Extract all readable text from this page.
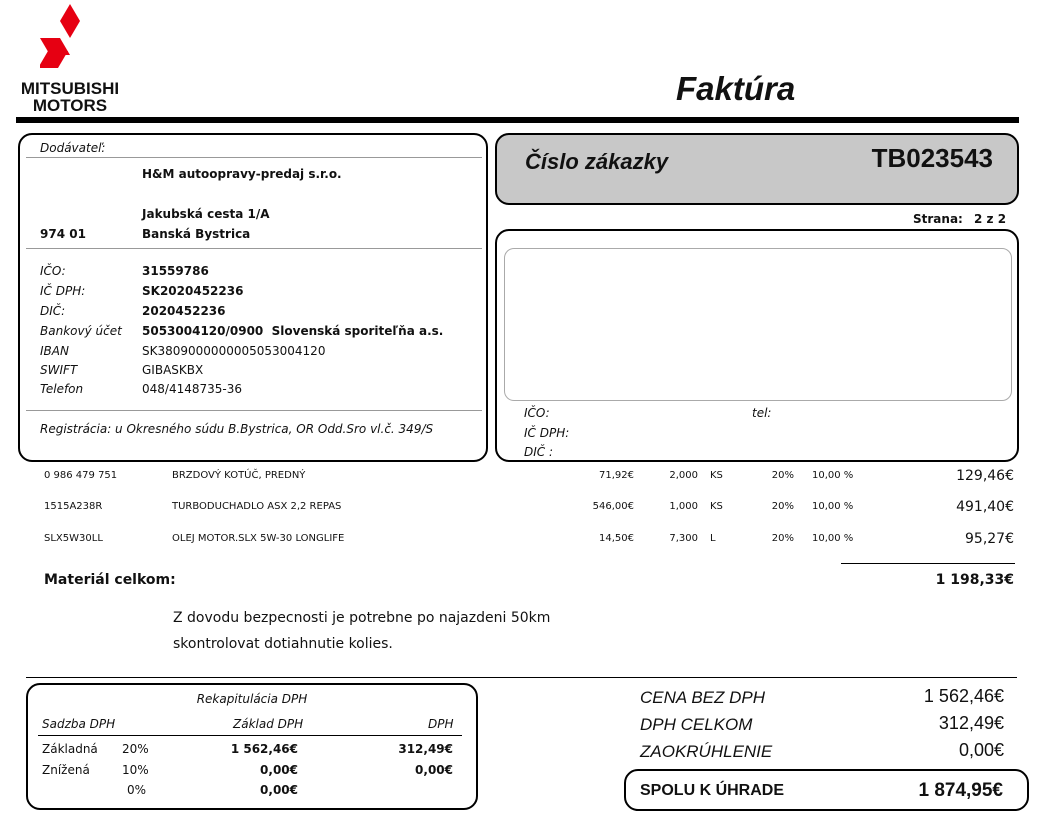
MITSUBISHI
MOTORS	Faktúra
Dodávateľ:
H&M autoopravy-predaj s.r.o.
Jakubská cesta 1/A
974 01	Banská Bystrica
IČO:	31559786
IČ DPH:	SK2020452236
DIČ:	2020452236
Bankový účet 5053004120/0900  Slovenská sporiteľňa a.s.
IBAN	SK3809000000005053004120
SWIFT	GIBASKBX
Telefon	048/4148735-36
Registrácia: u Okresného súdu B.Bystrica, OR Odd.Sro vl.č. 349/S
Číslo zákazky	TB023543
Strana: 2 z 2
IČO:	tel:
IČ DPH:
DIČ :
0 986 479 751	BRZDOVÝ KOTÚČ, PREDNÝ	71,92€	2,000 KS	20% 10,00 %	129,46€
1515A238R	TURBODUCHADLO ASX 2,2 REPAS	546,00€	1,000 KS	20% 10,00 %	491,40€
SLX5W30LL	OLEJ MOTOR.SLX 5W-30 LONGLIFE	14,50€	7,300 L	20% 10,00 %	95,27€
Materiál celkom:	1 198,33€
Z dovodu bezpecnosti je potrebne po najazdeni 50km
skontrolovat dotiahnutie kolies.
Rekapitulácia DPH
Sadzba DPH	Základ DPH	DPH
Základná 20%	1 562,46€	312,49€
Znížená	10%	0,00€	0,00€
0%	0,00€
CENA BEZ DPH	1 562,46€
DPH CELKOM	312,49€
ZAOKRÚHLENIE	0,00€
SPOLU K ÚHRADE	1 874,95€
